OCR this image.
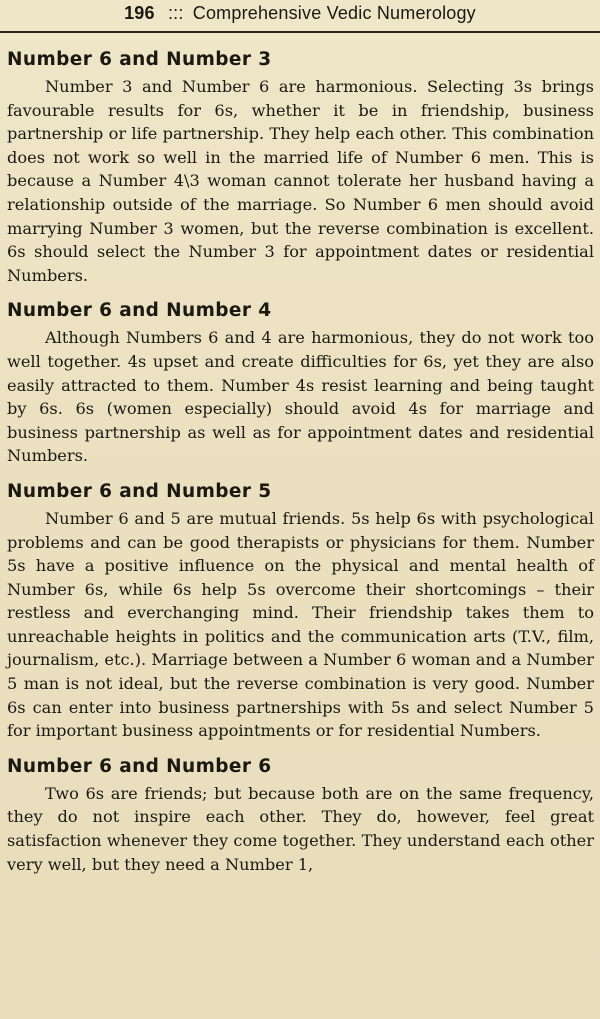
196 ::: Comprehensive Vedic Numerology
Number 6 and Number 3

Number 3 and Number 6 are harmonious. Selecting 3s brings favourable results for 6s, whether it be in friendship, business partnership or life partnership. They help each other. This combination does not work so well in the married life of Number 6 men. This is because a Number 4\3 woman cannot tolerate her husband having a relationship outside of the marriage. So Number 6 men should avoid marrying Number 3 women, but the reverse combination is excellent. 6s should select the Number 3 for appointment dates or residential Numbers.

Number 6 and Number 4

Although Numbers 6 and 4 are harmonious, they do not work too well together. 4s upset and create difficulties for 6s, yet they are also easily attracted to them. Number 4s resist learning and being taught by 6s. 6s (women especially) should avoid 4s for marriage and business partnership as well as for appointment dates and residential Numbers.

Number 6 and Number 5

Number 6 and 5 are mutual friends. 5s help 6s with psychological problems and can be good therapists or physicians for them. Number 5s have a positive influence on the physical and mental health of Number 6s, while 6s help 5s overcome their shortcomings – their restless and everchanging mind. Their friendship takes them to unreachable heights in politics and the communication arts (T.V., film, journalism, etc.). Marriage between a Number 6 woman and a Number 5 man is not ideal, but the reverse combination is very good. Number 6s can enter into business partnerships with 5s and select Number 5 for important business appointments or for residential Numbers.

Number 6 and Number 6

Two 6s are friends; but because both are on the same frequency, they do not inspire each other. They do, however, feel great satisfaction whenever they come together. They understand each other very well, but they need a Number 1,
